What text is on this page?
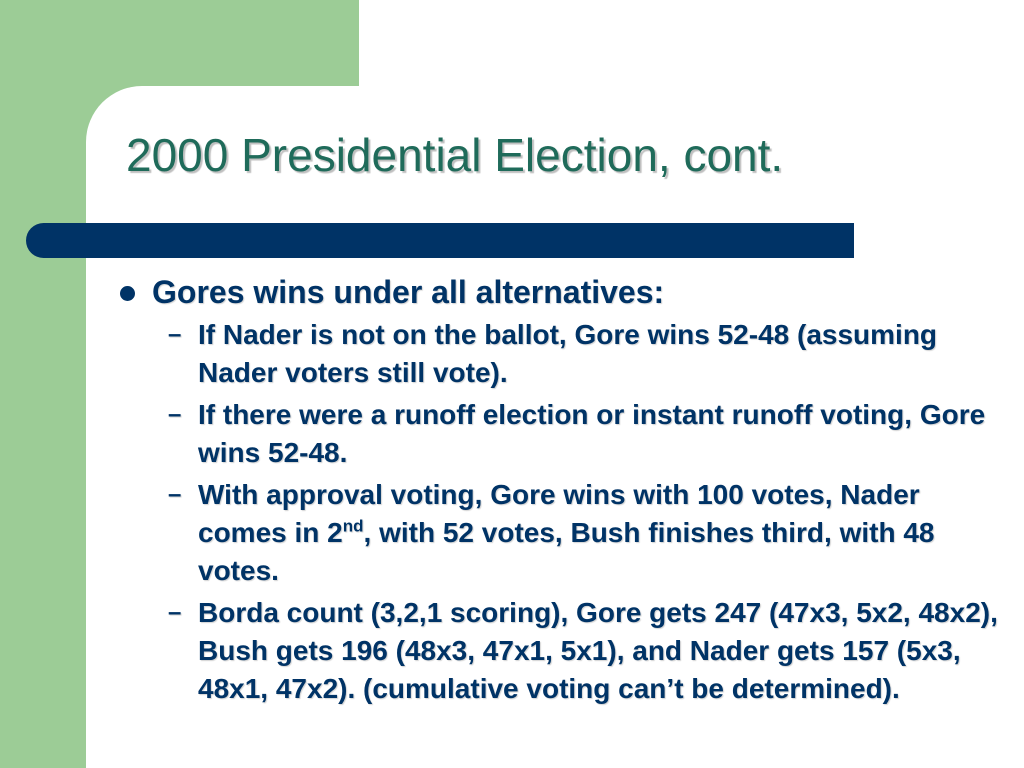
2000 Presidential Election, cont.
Gores wins under all alternatives:
– If Nader is not on the ballot, Gore wins 52-48 (assuming Nader voters still vote).
– If there were a runoff election or instant runoff voting, Gore wins 52-48.
– With approval voting, Gore wins with 100 votes, Nader comes in 2nd, with 52 votes, Bush finishes third, with 48 votes.
– Borda count (3,2,1 scoring), Gore gets 247 (47x3, 5x2, 48x2), Bush gets 196 (48x3, 47x1, 5x1), and Nader gets 157 (5x3, 48x1, 47x2). (cumulative voting can’t be determined).
